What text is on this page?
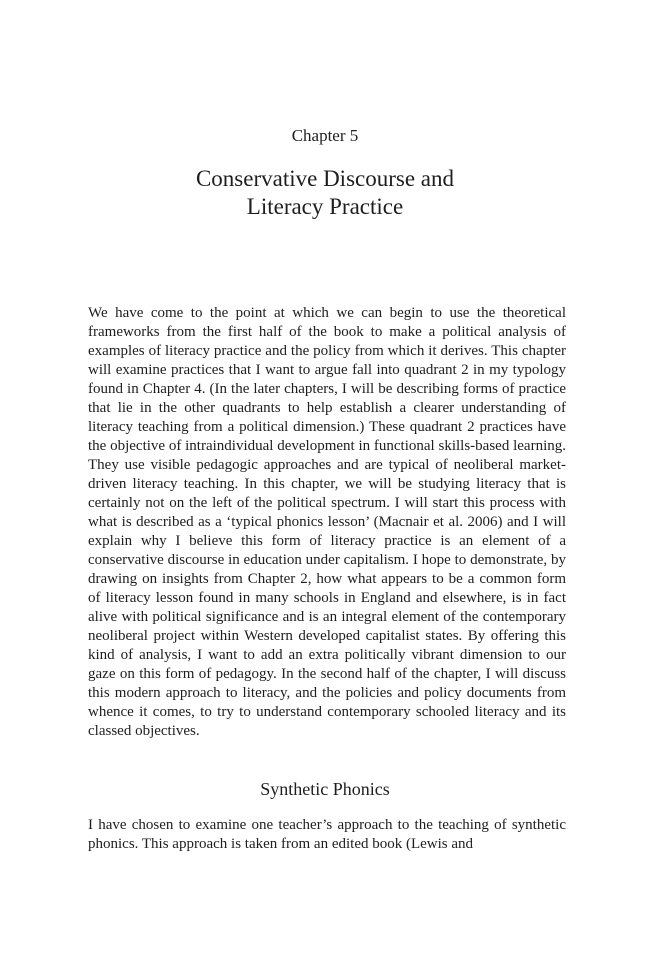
Chapter 5
Conservative Discourse and
Literacy Practice

We have come to the point at which we can begin to use the theoretical frameworks from the first half of the book to make a political analysis of examples of literacy practice and the policy from which it derives. This chapter will examine practices that I want to argue fall into quadrant 2 in my typology found in Chapter 4. (In the later chapters, I will be describing forms of practice that lie in the other quadrants to help establish a clearer understanding of literacy teaching from a political dimension.) These quadrant 2 practices have the objective of intraindividual development in functional skills-based learning. They use visible pedagogic approaches and are typical of neoliberal market-driven literacy teaching. In this chapter, we will be studying literacy that is certainly not on the left of the political spectrum. I will start this process with what is described as a ‘typical phonics lesson’ (Macnair et al. 2006) and I will explain why I believe this form of literacy practice is an element of a conservative discourse in education under capitalism. I hope to demonstrate, by drawing on insights from Chapter 2, how what appears to be a common form of literacy lesson found in many schools in England and elsewhere, is in fact alive with political significance and is an integral element of the contemporary neoliberal project within Western developed capitalist states. By offering this kind of analysis, I want to add an extra politically vibrant dimension to our gaze on this form of pedagogy. In the second half of the chapter, I will discuss this modern approach to literacy, and the policies and policy documents from whence it comes, to try to understand contemporary schooled literacy and its classed objectives.

Synthetic Phonics

I have chosen to examine one teacher’s approach to the teaching of synthetic phonics. This approach is taken from an edited book (Lewis and
